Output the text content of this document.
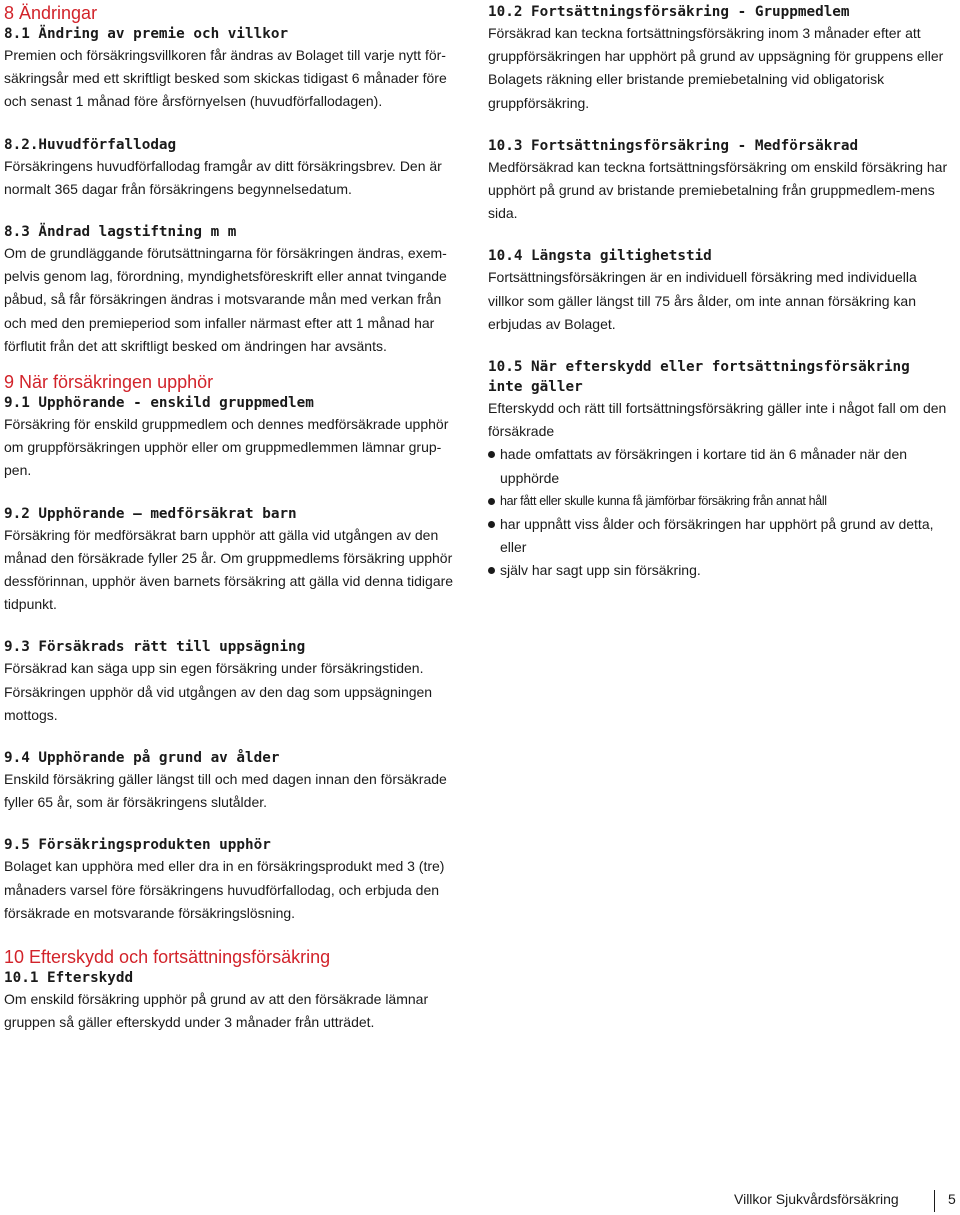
8 Ändringar
8.1 Ändring av premie och villkor

Premien och försäkringsvillkoren får ändras av Bolaget till varje nytt för-säkringsår med ett skriftligt besked som skickas tidigast 6 månader före och senast 1 månad före årsförnyelsen (huvudförfallodagen).

8.2.Huvudförfallodag

Försäkringens huvudförfallodag framgår av ditt försäkringsbrev. Den är normalt 365 dagar från försäkringens begynnelsedatum.

8.3 Ändrad lagstiftning m m

Om de grundläggande förutsättningarna för försäkringen ändras, exem-pelvis genom lag, förordning, myndighetsföreskrift eller annat tvingande påbud, så får försäkringen ändras i motsvarande mån med verkan från och med den premieperiod som infaller närmast efter att 1 månad har förflutit från det att skriftligt besked om ändringen har avsänts.

9 När försäkringen upphör
9.1 Upphörande - enskild gruppmedlem

Försäkring för enskild gruppmedlem och dennes medförsäkrade upphör om gruppförsäkringen upphör eller om gruppmedlemmen lämnar grup-pen.

9.2 Upphörande – medförsäkrat barn

Försäkring för medförsäkrat barn upphör att gälla vid utgången av den månad den försäkrade fyller 25 år. Om gruppmedlems försäkring upphör dessförinnan, upphör även barnets försäkring att gälla vid denna tidigare tidpunkt.

9.3 Försäkrads rätt till uppsägning

Försäkrad kan säga upp sin egen försäkring under försäkringstiden. Försäkringen upphör då vid utgången av den dag som uppsägningen mottogs.

9.4 Upphörande på grund av ålder

Enskild försäkring gäller längst till och med dagen innan den försäkrade fyller 65 år, som är försäkringens slutålder.

9.5 Försäkringsprodukten upphör

Bolaget kan upphöra med eller dra in en försäkringsprodukt med 3 (tre) månaders varsel före försäkringens huvudförfallodag, och erbjuda den försäkrade en motsvarande försäkringslösning.

10 Efterskydd och fortsättningsförsäkring
10.1 Efterskydd

Om enskild försäkring upphör på grund av att den försäkrade lämnar gruppen så gäller efterskydd under 3 månader från utträdet.

10.2 Fortsättningsförsäkring - Gruppmedlem

Försäkrad kan teckna fortsättningsförsäkring inom 3 månader efter att gruppförsäkringen har upphört på grund av uppsägning för gruppens eller Bolagets räkning eller bristande premiebetalning vid obligatorisk gruppförsäkring.

10.3 Fortsättningsförsäkring - Medförsäkrad

Medförsäkrad kan teckna fortsättningsförsäkring om enskild försäkring har upphört på grund av bristande premiebetalning från gruppmedlem-mens sida.

10.4 Längsta giltighetstid

Fortsättningsförsäkringen är en individuell försäkring med individuella villkor som gäller längst till 75 års ålder, om inte annan försäkring kan erbjudas av Bolaget.

10.5 När efterskydd eller fortsättningsförsäkring inte gäller

Efterskydd och rätt till fortsättningsförsäkring gäller inte i något fall om den försäkrade

hade omfattats av försäkringen i kortare tid än 6 månader när den upphörde
har fått eller skulle kunna få jämförbar försäkring från annat håll
har uppnått viss ålder och försäkringen har upphört på grund av detta, eller
själv har sagt upp sin försäkring.
Villkor Sjukvårdsförsäkring	5
